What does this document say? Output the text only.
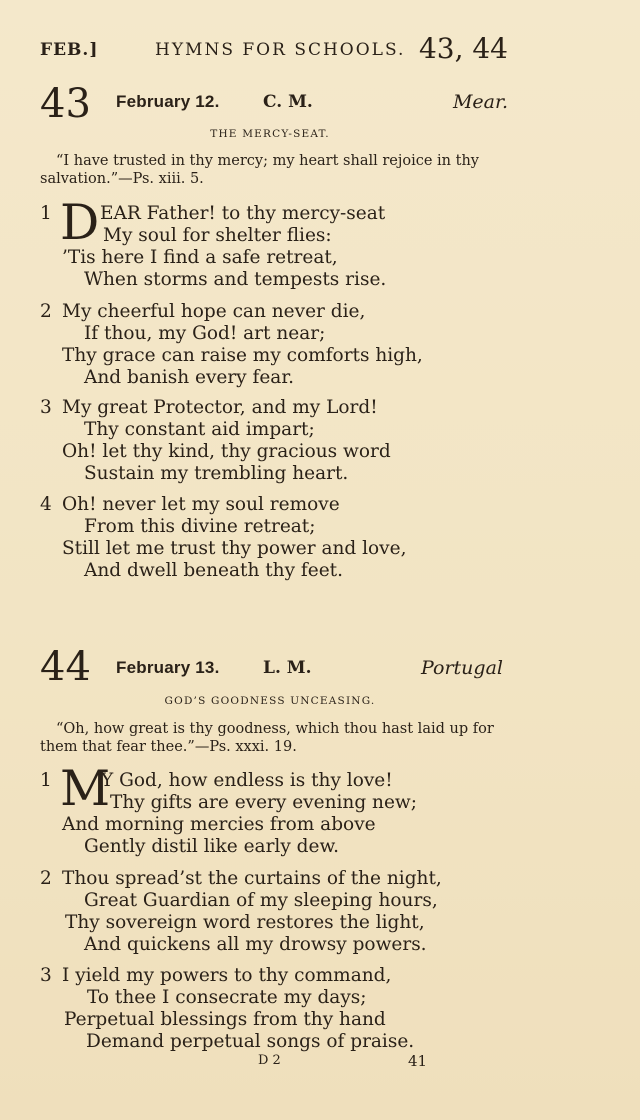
FEB.]	HYMNS FOR SCHOOLS. 43, 44
43 February 12.	C. M.	Mear.
THE MERCY-SEAT.
“I have trusted in thy mercy; my heart shall rejoice in thy salvation.”—Ps. xiii. 5.
1 D EAR Father! to thy mercy-seat
My soul for shelter flies:
’Tis here I find a safe retreat,
When storms and tempests rise.
2 My cheerful hope can never die,
If thou, my God! art near;
Thy grace can raise my comforts high,
And banish every fear.
3 My great Protector, and my Lord!
Thy constant aid impart;
Oh! let thy kind, thy gracious word
Sustain my trembling heart.
4 Oh! never let my soul remove
From this divine retreat;
Still let me trust thy power and love,
And dwell beneath thy feet.
44 February 13.	L. M.	Portugal
GOD’S GOODNESS UNCEASING.
“Oh, how great is thy goodness, which thou hast laid up for them that fear thee.”—Ps. xxxi. 19.
1 M
Y God, how endless is thy love!
Thy gifts are every evening new;
And morning mercies from above
Gently distil like early dew.
2 Thou spread’st the curtains of the night,
Great Guardian of my sleeping hours,
Thy sovereign word restores the light,
And quickens all my drowsy powers.
3 I yield my powers to thy command,
To thee I consecrate my days;
Perpetual blessings from thy hand
Demand perpetual songs of praise.
D 2	41
